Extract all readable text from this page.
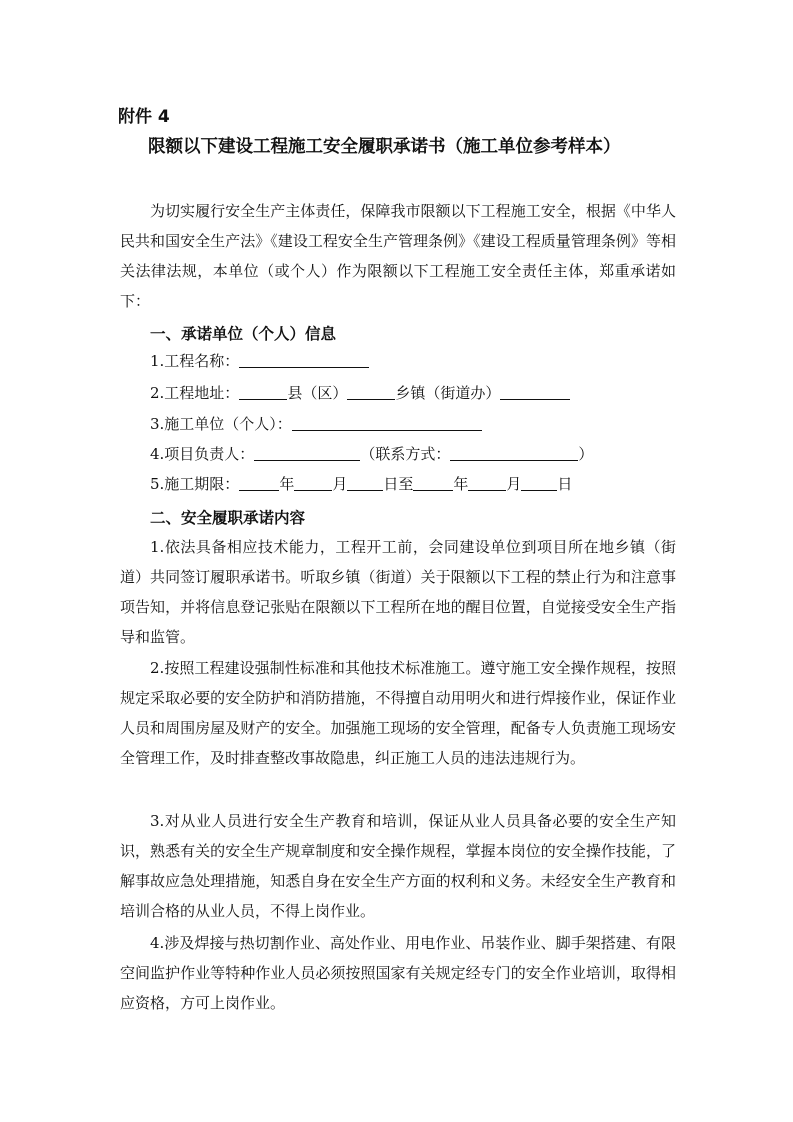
附件 4

限额以下建设工程施工安全履职承诺书（施工单位参考样本）

为切实履行安全生产主体责任，保障我市限额以下工程施工安全，根据《中华人民共和国安全生产法》《建设工程安全生产管理条例》《建设工程质量管理条例》等相关法律法规，本单位（或个人）作为限额以下工程施工安全责任主体，郑重承诺如下：

一、承诺单位（个人）信息

1.工程名称：

2.工程地址：	县（区）	乡镇（街道办）

3.施工单位（个人）：

4.项目负责人：	（联系方式：	）

5.施工期限：	年	月 日至	年	月 日

二、安全履职承诺内容

1.依法具备相应技术能力，工程开工前，会同建设单位到项目所在地乡镇（街道）共同签订履职承诺书。听取乡镇（街道）关于限额以下工程的禁止行为和注意事项告知，并将信息登记张贴在限额以下工程所在地的醒目位置，自觉接受安全生产指导和监管。

2.按照工程建设强制性标准和其他技术标准施工。遵守施工安全操作规程，按照规定采取必要的安全防护和消防措施，不得擅自动用明火和进行焊接作业，保证作业人员和周围房屋及财产的安全。加强施工现场的安全管理，配备专人负责施工现场安全管理工作，及时排查整改事故隐患，纠正施工人员的违法违规行为。

3.对从业人员进行安全生产教育和培训，保证从业人员具备必要的安全生产知识，熟悉有关的安全生产规章制度和安全操作规程，掌握本岗位的安全操作技能，了解事故应急处理措施，知悉自身在安全生产方面的权利和义务。未经安全生产教育和培训合格的从业人员，不得上岗作业。

4.涉及焊接与热切割作业、高处作业、用电作业、吊装作业、脚手架搭建、有限空间监护作业等特种作业人员必须按照国家有关规定经专门的安全作业培训，取得相应资格，方可上岗作业。
